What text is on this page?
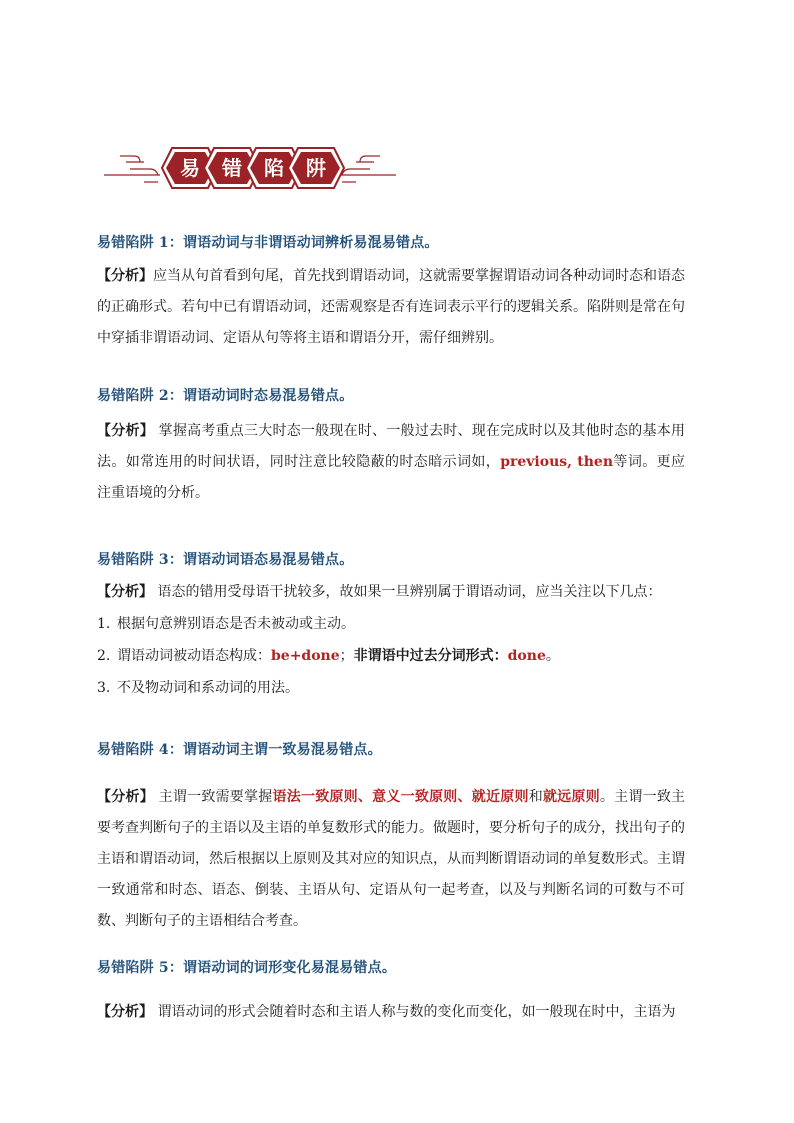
易 错 陷 阱
易错陷阱 1：谓语动词与非谓语动词辨析易混易错点。
【分析】应当从句首看到句尾，首先找到谓语动词，这就需要掌握谓语动词各种动词时态和语态的正确形式。若句中已有谓语动词，还需观察是否有连词表示平行的逻辑关系。陷阱则是常在句中穿插非谓语动词、定语从句等将主语和谓语分开，需仔细辨别。
易错陷阱 2：谓语动词时态易混易错点。
【分析】 掌握高考重点三大时态一般现在时、一般过去时、现在完成时以及其他时态的基本用法。如常连用的时间状语，同时注意比较隐蔽的时态暗示词如，previous, then等词。更应注重语境的分析。
易错陷阱 3：谓语动词语态易混易错点。
【分析】 语态的错用受母语干扰较多，故如果一旦辨别属于谓语动词，应当关注以下几点：
1. 根据句意辨别语态是否未被动或主动。
2. 谓语动词被动语态构成：be+done；非谓语中过去分词形式：done。
3. 不及物动词和系动词的用法。
易错陷阱 4：谓语动词主谓一致易混易错点。
【分析】 主谓一致需要掌握语法一致原则、意义一致原则、就近原则和就远原则。主谓一致主要考查判断句子的主语以及主语的单复数形式的能力。做题时，要分析句子的成分，找出句子的主语和谓语动词，然后根据以上原则及其对应的知识点，从而判断谓语动词的单复数形式。主谓一致通常和时态、语态、倒装、主语从句、定语从句一起考查，以及与判断名词的可数与不可数、判断句子的主语相结合考查。
易错陷阱 5：谓语动词的词形变化易混易错点。
【分析】 谓语动词的形式会随着时态和主语人称与数的变化而变化，如一般现在时中，主语为
